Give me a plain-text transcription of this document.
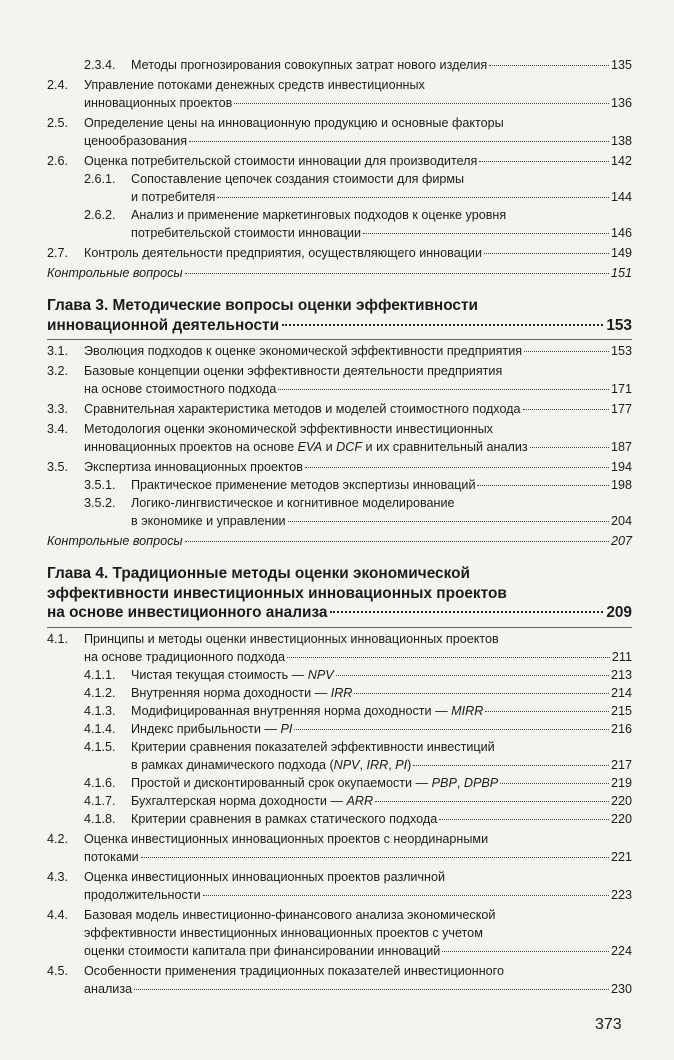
2.3.4. Методы прогнозирования совокупных затрат нового изделия	135
2.4. Управление потоками денежных средств инвестиционных
инновационных проектов	136
2.5. Определение цены на инновационную продукцию и основные факторы
ценообразования	138
2.6. Оценка потребительской стоимости инновации для производителя	142
2.6.1. Сопоставление цепочек создания стоимости для фирмы
и потребителя	144
2.6.2. Анализ и применение маркетинговых подходов к оценке уровня
потребительской стоимости инновации	146
2.7. Контроль деятельности предприятия, осуществляющего инновации	149
Контрольные вопросы	151
Глава 3. Методические вопросы оценки эффективности
инновационной деятельности	153
3.1. Эволюция подходов к оценке экономической эффективности предприятия	153
3.2. Базовые концепции оценки эффективности деятельности предприятия
на основе стоимостного подхода	171
3.3. Сравнительная характеристика методов и моделей стоимостного подхода	177
3.4. Методология оценки экономической эффективности инвестиционных
инновационных проектов на основе EVA и DCF и их сравнительный анализ	187
3.5. Экспертиза инновационных проектов	194
3.5.1. Практическое применение методов экспертизы инноваций	198
3.5.2. Логико-лингвистическое и когнитивное моделирование
в экономике и управлении	204
Контрольные вопросы	207
Глава 4. Традиционные методы оценки экономической
эффективности инвестиционных инновационных проектов
на основе инвестиционного анализа	209
4.1. Принципы и методы оценки инвестиционных инновационных проектов
на основе традиционного подхода	211
4.1.1. Чистая текущая стоимость — NPV	213
4.1.2. Внутренняя норма доходности — IRR	214
4.1.3. Модифицированная внутренняя норма доходности — MIRR	215
4.1.4. Индекс прибыльности — PI	216
4.1.5. Критерии сравнения показателей эффективности инвестиций
в рамках динамического подхода (NPV, IRR, PI)	217
4.1.6. Простой и дисконтированный срок окупаемости — PBP, DPBP	219
4.1.7. Бухгалтерская норма доходности — ARR	220
4.1.8. Критерии сравнения в рамках статического подхода	220
4.2. Оценка инвестиционных инновационных проектов с неординарными
потоками	221
4.3. Оценка инвестиционных инновационных проектов различной
продолжительности	223
4.4. Базовая модель инвестиционно-финансового анализа экономической
эффективности инвестиционных инновационных проектов с учетом
оценки стоимости капитала при финансировании инноваций	224
4.5. Особенности применения традиционных показателей инвестиционного
анализа	230
373
